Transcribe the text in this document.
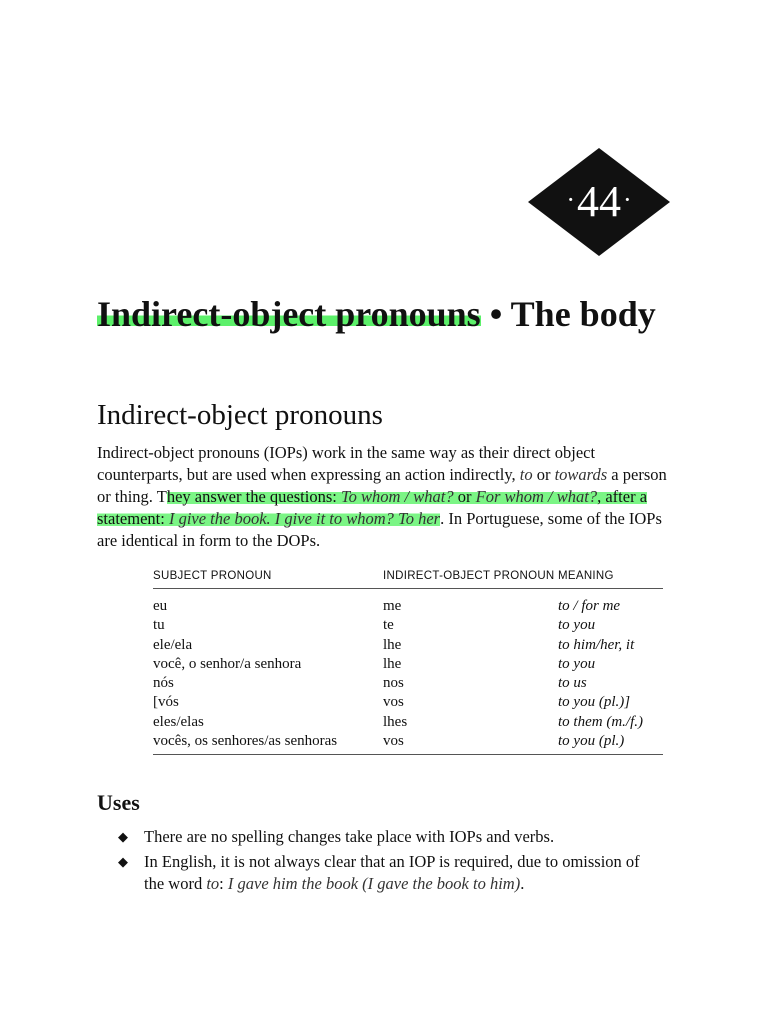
· 44 ·
Indirect-object pronouns • The body
Indirect-object pronouns

Indirect-object pronouns (IOPs) work in the same way as their direct object counterparts, but are used when expressing an action indirectly, to or towards a person or thing. They answer the questions: To whom / what? or For whom / what?, after a statement: I give the book. I give it to whom? To her. In Portuguese, some of the IOPs are identical in form to the DOPs.

SUBJECT PRONOUN	INDIRECT-OBJECT PRONOUN	MEANING
eu	me	to / for me
tu	te	to you
ele/ela	lhe	to him/her, it
você, o senhor/a senhora	lhe	to you
nós	nos	to us
[vós	vos	to you (pl.)]
eles/elas	lhes	to them (m./f.)
vocês, os senhores/as senhoras	vos	to you (pl.)
Uses
◆ There are no spelling changes take place with IOPs and verbs.
◆ In English, it is not always clear that an IOP is required, due to omission of the word to: I gave him the book (I gave the book to him).
